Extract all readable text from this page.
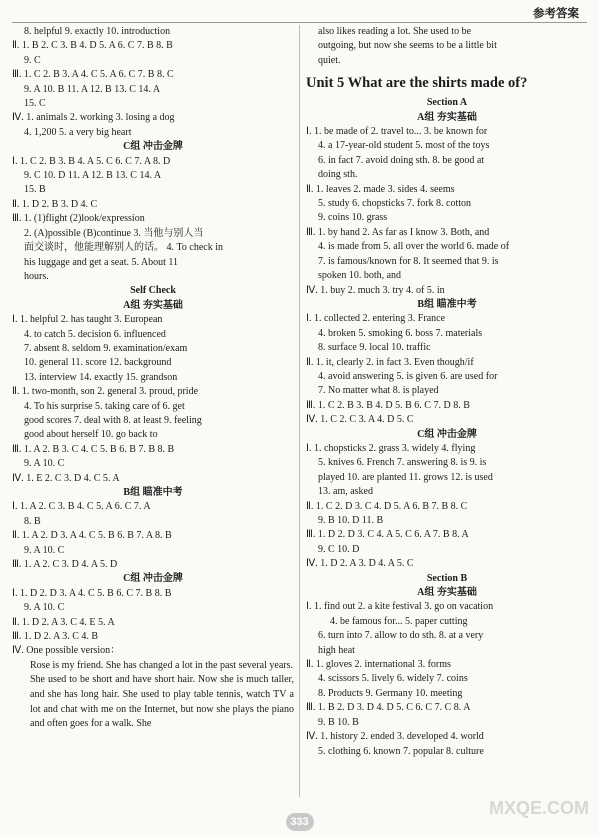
参考答案
8. helpful 9. exactly 10. introduction
Ⅱ. 1. B 2. C 3. B 4. D 5. A 6. C 7. B 8. B
9. C
Ⅲ. 1. C 2. B 3. A 4. C 5. A 6. C 7. B 8. C
9. A 10. B 11. A 12. B 13. C 14. A
15. C
Ⅳ. 1. animals 2. working 3. losing a dog
4. 1,200 5. a very big heart
C组 冲击金牌
Ⅰ. 1. C 2. B 3. B 4. A 5. C 6. C 7. A 8. D
9. C 10. D 11. A 12. B 13. C 14. A
15. B
Ⅱ. 1. D 2. B 3. D 4. C
Ⅲ. 1. (1)flight (2)look/expression
2. (A)possible (B)continue 3. 当他与别人当
面交谈时，他能理解别人的话。 4. To check in
his luggage and get a seat. 5. About 11
hours.
Self Check
A组 夯实基础
Ⅰ. 1. helpful 2. has taught 3. European
4. to catch 5. decision 6. influenced
7. absent 8. seldom 9. examination/exam
10. general 11. score 12. background
13. interview 14. exactly 15. grandson
Ⅱ. 1. two-month, son 2. general 3. proud, pride
4. To his surprise 5. taking care of 6. get
good scores 7. deal with 8. at least 9. feeling
good about herself 10. go back to
Ⅲ. 1. A 2. B 3. C 4. C 5. B 6. B 7. B 8. B
9. A 10. C
Ⅳ. 1. E 2. C 3. D 4. C 5. A
B组 瞄准中考
Ⅰ. 1. A 2. C 3. B 4. C 5. A 6. C 7. A
8. B
Ⅱ. 1. A 2. D 3. A 4. C 5. B 6. B 7. A 8. B
9. A 10. C
Ⅲ. 1. A 2. C 3. D 4. A 5. D
C组 冲击金牌
Ⅰ. 1. D 2. D 3. A 4. C 5. B 6. C 7. B 8. B
9. A 10. C
Ⅱ. 1. D 2. A 3. C 4. E 5. A
Ⅲ. 1. D 2. A 3. C 4. B
Ⅳ. One possible version：
Rose is my friend. She has changed a lot in the past several years.
She used to be short and have short hair. Now she is much taller, and she has long hair. She used to play table tennis, watch TV a lot and chat with me on the Internet, but now she plays the piano and often goes for a walk. She
also likes reading a lot. She used to be
outgoing, but now she seems to be a little bit
quiet.
Unit 5 What are the shirts made of?
Section A
A组 夯实基础
Ⅰ. 1. be made of 2. travel to... 3. be known for
4. a 17-year-old student 5. most of the toys
6. in fact 7. avoid doing sth. 8. be good at
doing sth.
Ⅱ. 1. leaves 2. made 3. sides 4. seems
5. study 6. chopsticks 7. fork 8. cotton
9. coins 10. grass
Ⅲ. 1. by hand 2. As far as I know 3. Both, and
4. is made from 5. all over the world 6. made of
7. is famous/known for 8. It seemed that 9. is
spoken 10. both, and
Ⅳ. 1. buy 2. much 3. try 4. of 5. in
B组 瞄准中考
Ⅰ. 1. collected 2. entering 3. France
4. broken 5. smoking 6. boss 7. materials
8. surface 9. local 10. traffic
Ⅱ. 1. it, clearly 2. in fact 3. Even though/if
4. avoid answering 5. is given 6. are used for
7. No matter what 8. is played
Ⅲ. 1. C 2. B 3. B 4. D 5. B 6. C 7. D 8. B
Ⅳ. 1. C 2. C 3. A 4. D 5. C
C组 冲击金牌
Ⅰ. 1. chopsticks 2. grass 3. widely 4. flying
5. knives 6. French 7. answering 8. is 9. is
played 10. are planted 11. grows 12. is used
13. am, asked
Ⅱ. 1. C 2. D 3. C 4. D 5. A 6. B 7. B 8. C
9. B 10. D 11. B
Ⅲ. 1. D 2. D 3. C 4. A 5. C 6. A 7. B 8. A
9. C 10. D
Ⅳ. 1. D 2. A 3. D 4. A 5. C
Section B
A组 夯实基础
Ⅰ. 1. find out 2. a kite festival 3. go on vacation
4. be famous for... 5. paper cutting
6. turn into 7. allow to do sth. 8. at a very
high heat
Ⅱ. 1. gloves 2. international 3. forms
4. scissors 5. lively 6. widely 7. coins
8. Products 9. Germany 10. meeting
Ⅲ. 1. B 2. D 3. D 4. D 5. C 6. C 7. C 8. A
9. B 10. B
Ⅳ. 1. history 2. ended 3. developed 4. world
5. clothing 6. known 7. popular 8. culture
333
MXQE.COM
